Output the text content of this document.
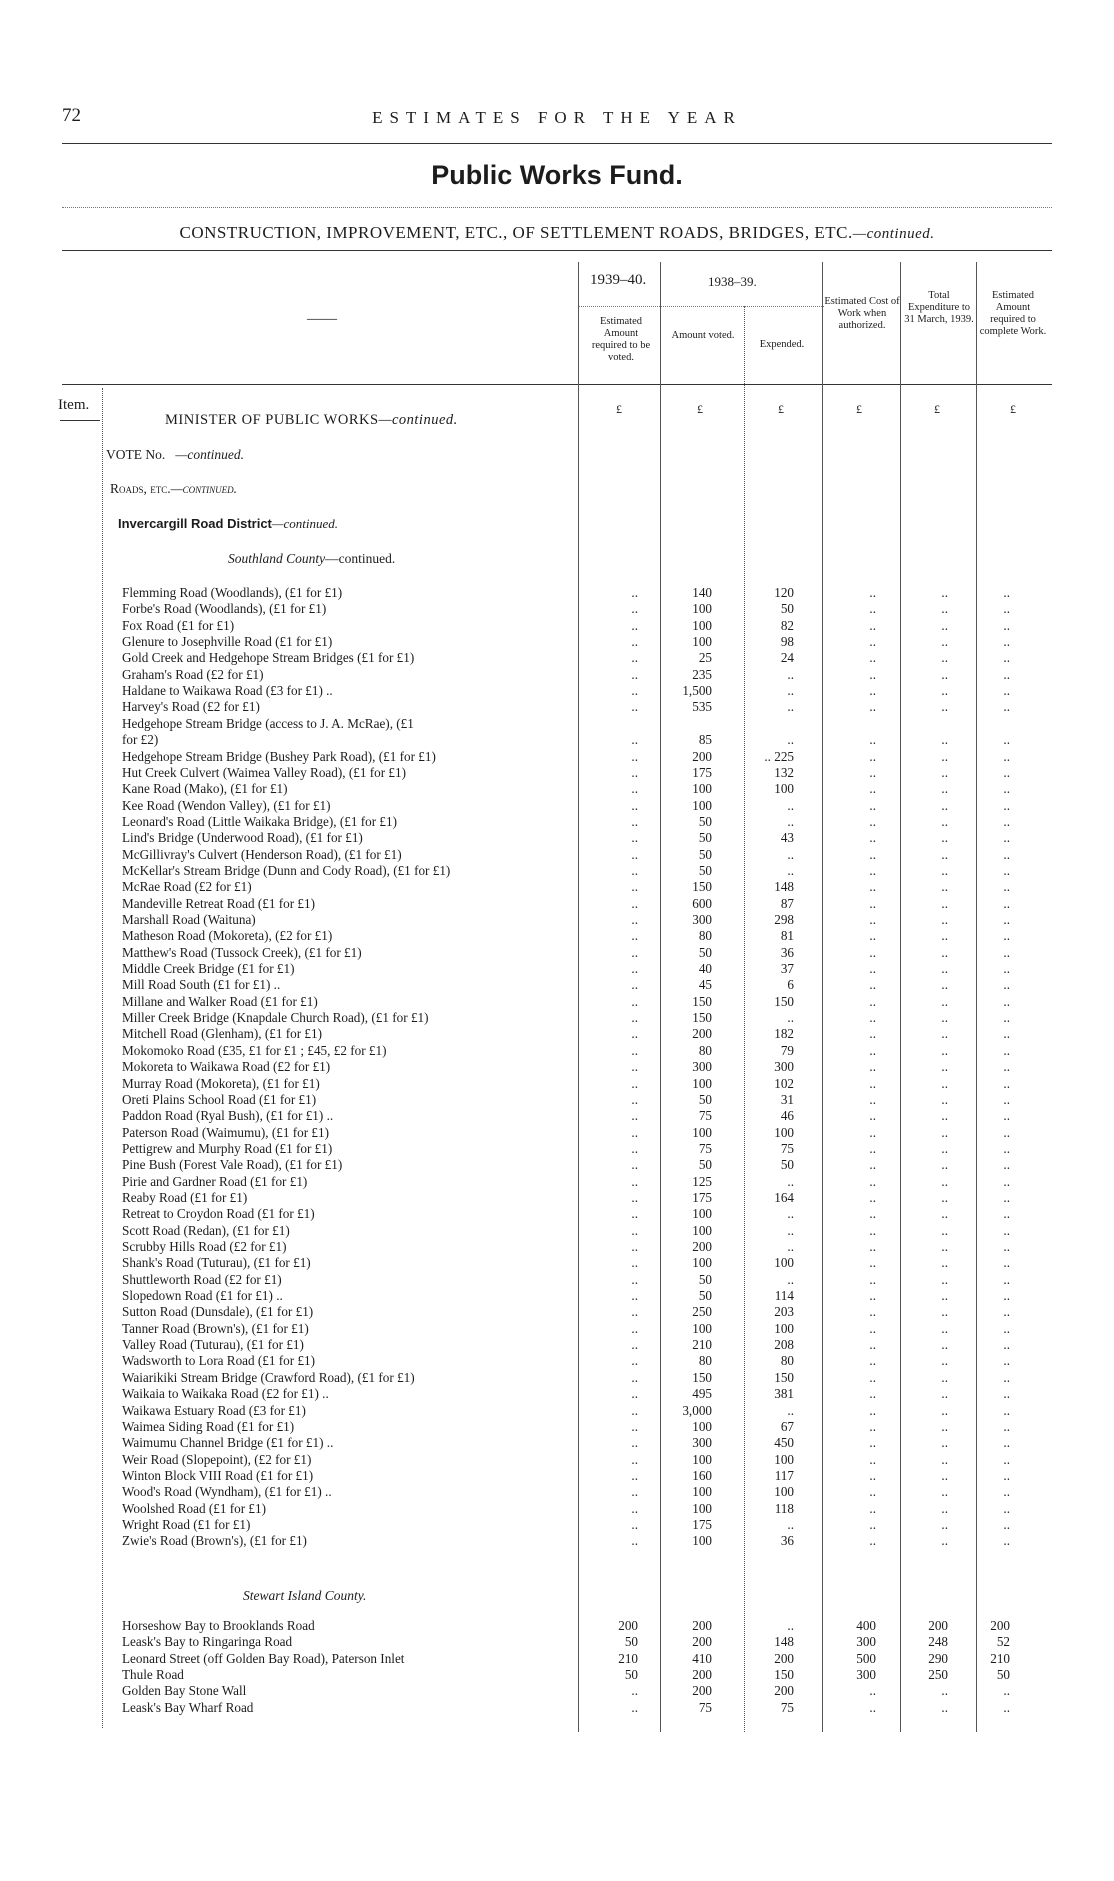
72	ESTIMATES FOR THE YEAR
Public Works Fund.
CONSTRUCTION, IMPROVEMENT, ETC., OF SETTLEMENT ROADS, BRIDGES, ETC.—continued.
——
1939–40.	1938–39.
Estimated Amount required to be voted.
Amount voted.
Expended.
Estimated Cost of Work when authorized.
Total Expenditure to 31 March, 1939.
Estimated Amount required to complete Work.
Item.	£	£	£	£	£	£
MINISTER OF PUBLIC WORKS—continued.
VOTE No. —continued.
Roads, etc.—continued.
Invercargill Road District—continued.
Southland County—continued.
Flemming Road (Woodlands), (£1 for £1)	..	140	120	..	..	..
Forbe's Road (Woodlands), (£1 for £1)	..	100	50	..	..	..
Fox Road (£1 for £1)	..	100	82	..	..	..
Glenure to Josephville Road (£1 for £1)	..	100	98	..	..	..
Gold Creek and Hedgehope Stream Bridges (£1 for £1)	..	25	24	..	..	..
Graham's Road (£2 for £1)	..	235	..	..	..	..
Haldane to Waikawa Road (£3 for £1) ..	..	1,500	..	..	..	..
Harvey's Road (£2 for £1)	..	535	..	..	..	..
Hedgehope Stream Bridge (access to J. A. McRae), (£1
for £2)	..	85	..	..	..	..
Hedgehope Stream Bridge (Bushey Park Road), (£1 for £1)	..	200	.. 225	..	..	..
Hut Creek Culvert (Waimea Valley Road), (£1 for £1)	..	175	132	..	..	..
Kane Road (Mako), (£1 for £1)	..	100	100	..	..	..
Kee Road (Wendon Valley), (£1 for £1)	..	100	..	..	..	..
Leonard's Road (Little Waikaka Bridge), (£1 for £1)	..	50	..	..	..	..
Lind's Bridge (Underwood Road), (£1 for £1)	..	50	43	..	..	..
McGillivray's Culvert (Henderson Road), (£1 for £1)	..	50	..	..	..	..
McKellar's Stream Bridge (Dunn and Cody Road), (£1 for £1)	..	50	..	..	..	..
McRae Road (£2 for £1)	..	150	148	..	..	..
Mandeville Retreat Road (£1 for £1)	..	600	87	..	..	..
Marshall Road (Waituna)	..	300	298	..	..	..
Matheson Road (Mokoreta), (£2 for £1)	..	80	81	..	..	..
Matthew's Road (Tussock Creek), (£1 for £1)	..	50	36	..	..	..
Middle Creek Bridge (£1 for £1)	..	40	37	..	..	..
Mill Road South (£1 for £1) ..	..	45	6	..	..	..
Millane and Walker Road (£1 for £1)	..	150	150	..	..	..
Miller Creek Bridge (Knapdale Church Road), (£1 for £1)	..	150	..	..	..	..
Mitchell Road (Glenham), (£1 for £1)	..	200	182	..	..	..
Mokomoko Road (£35, £1 for £1 ; £45, £2 for £1)	..	80	79	..	..	..
Mokoreta to Waikawa Road (£2 for £1)	..	300	300	..	..	..
Murray Road (Mokoreta), (£1 for £1)	..	100	102	..	..	..
Oreti Plains School Road (£1 for £1)	..	50	31	..	..	..
Paddon Road (Ryal Bush), (£1 for £1) ..	..	75	46	..	..	..
Paterson Road (Waimumu), (£1 for £1)	..	100	100	..	..	..
Pettigrew and Murphy Road (£1 for £1)	..	75	75	..	..	..
Pine Bush (Forest Vale Road), (£1 for £1)	..	50	50	..	..	..
Pirie and Gardner Road (£1 for £1)	..	125	..	..	..	..
Reaby Road (£1 for £1)	..	175	164	..	..	..
Retreat to Croydon Road (£1 for £1)	..	100	..	..	..	..
Scott Road (Redan), (£1 for £1)	..	100	..	..	..	..
Scrubby Hills Road (£2 for £1)	..	200	..	..	..	..
Shank's Road (Tuturau), (£1 for £1)	..	100	100	..	..	..
Shuttleworth Road (£2 for £1)	..	50	..	..	..	..
Slopedown Road (£1 for £1) ..	..	50	114	..	..	..
Sutton Road (Dunsdale), (£1 for £1)	..	250	203	..	..	..
Tanner Road (Brown's), (£1 for £1)	..	100	100	..	..	..
Valley Road (Tuturau), (£1 for £1)	..	210	208	..	..	..
Wadsworth to Lora Road (£1 for £1)	..	80	80	..	..	..
Waiarikiki Stream Bridge (Crawford Road), (£1 for £1)	..	150	150	..	..	..
Waikaia to Waikaka Road (£2 for £1) ..	..	495	381	..	..	..
Waikawa Estuary Road (£3 for £1)	..	3,000	..	..	..	..
Waimea Siding Road (£1 for £1)	..	100	67	..	..	..
Waimumu Channel Bridge (£1 for £1) ..	..	300	450	..	..	..
Weir Road (Slopepoint), (£2 for £1)	..	100	100	..	..	..
Winton Block VIII Road (£1 for £1)	..	160	117	..	..	..
Wood's Road (Wyndham), (£1 for £1) ..	..	100	100	..	..	..
Woolshed Road (£1 for £1)	..	100	118	..	..	..
Wright Road (£1 for £1)	..	175	..	..	..	..
Zwie's Road (Brown's), (£1 for £1)	..	100	36	..	..	..
Stewart Island County.
Horseshow Bay to Brooklands Road	200	200	..	400	200	200
Leask's Bay to Ringaringa Road	50	200	148	300	248	52
Leonard Street (off Golden Bay Road), Paterson Inlet	210	410	200	500	290	210
Thule Road	50	200	150	300	250	50
Golden Bay Stone Wall	..	200	200	..	..	..
Leask's Bay Wharf Road	..	75	75	..	..	..
